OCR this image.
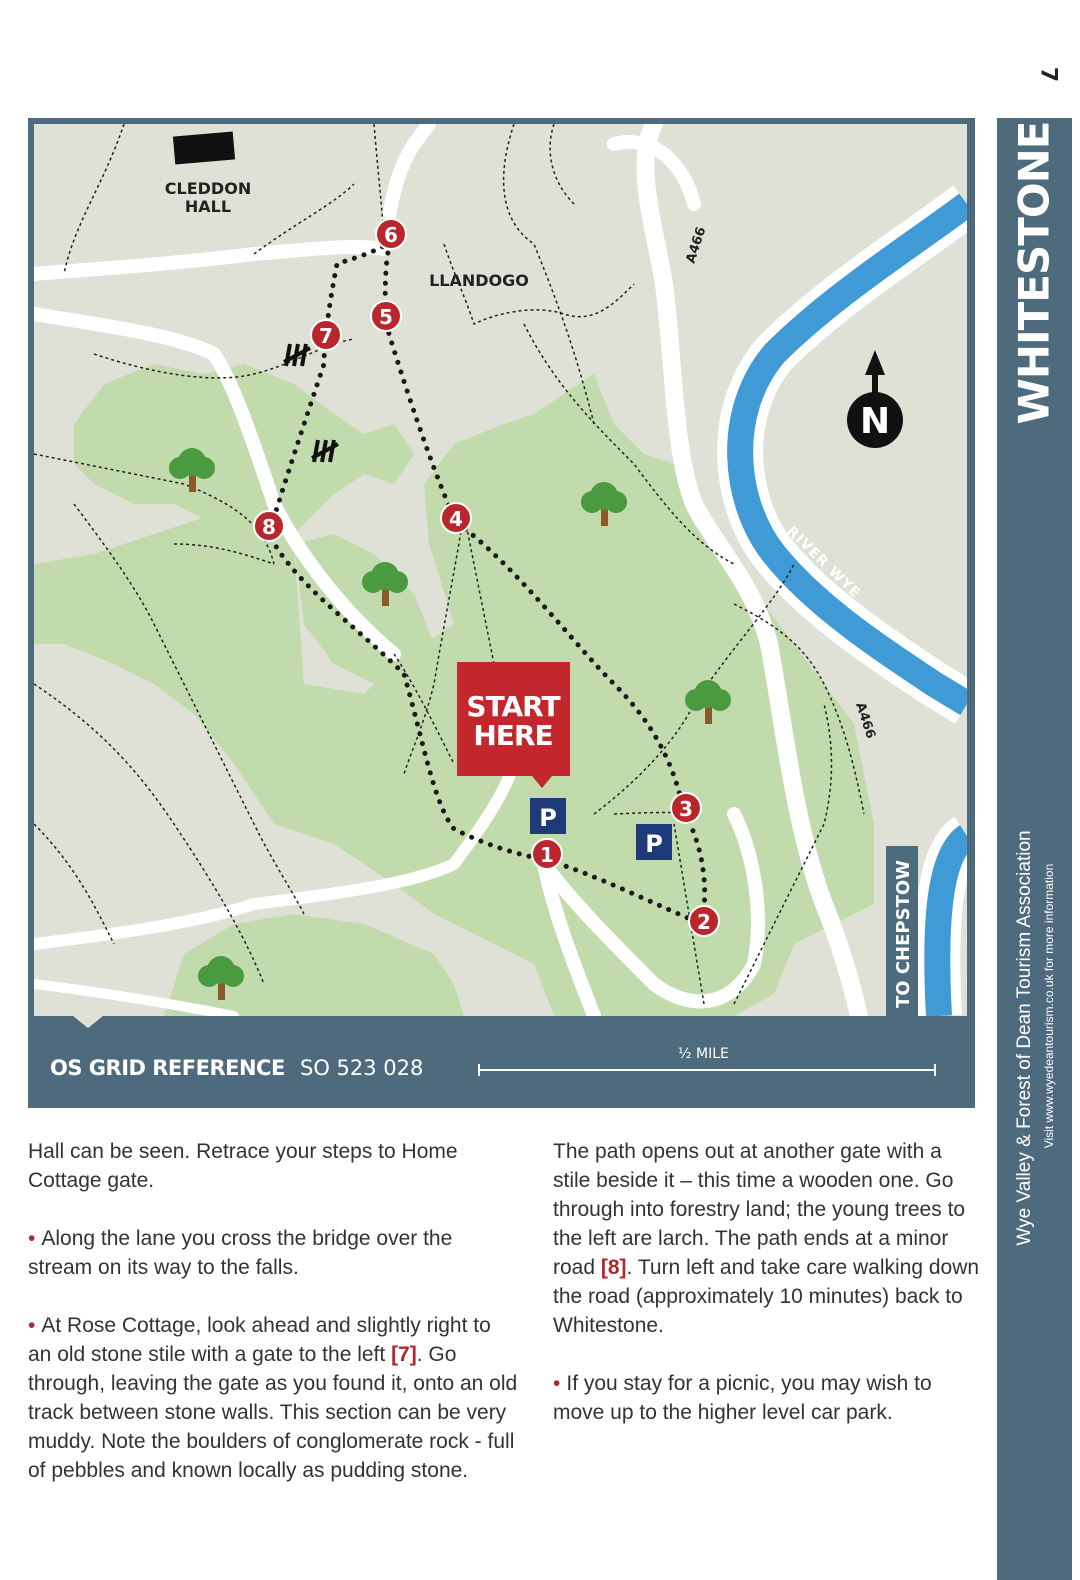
7
CLEDDON
HALL
LLANDOGO
A466
A466
RIVER WYE
TO CHEPSTOW
N
START
HERE
P
P
1
2
3
4
5
6
7
8
OS GRID REFERENCE SO 523 028
½ MILE
WHITESTONE
Wye Valley & Forest of Dean Tourism Association Visit www.wyedeantourism.co.uk for more information

Hall can be seen. Retrace your steps to Home Cottage gate.

• Along the lane you cross the bridge over the stream on its way to the falls.

• At Rose Cottage, look ahead and slightly right to an old stone stile with a gate to the left [7]. Go through, leaving the gate as you found it, onto an old track between stone walls. This section can be very muddy. Note the boulders of conglomerate rock - full of pebbles and known locally as pudding stone.

The path opens out at another gate with a stile beside it – this time a wooden one. Go through into forestry land; the young trees to the left are larch. The path ends at a minor road [8]. Turn left and take care walking down the road (approximately 10 minutes) back to Whitestone.

• If you stay for a picnic, you may wish to move up to the higher level car park.
